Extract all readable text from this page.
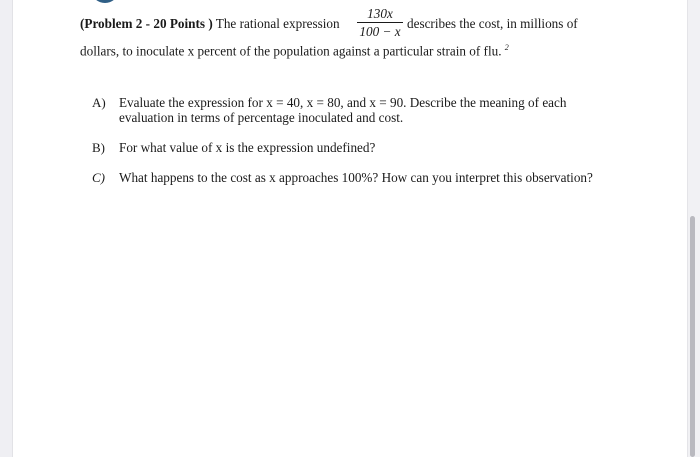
(Problem 2 - 20 Points ) The rational expression
130x
100 − x
describes the cost, in millions of
dollars, to inoculate x percent of the population against a particular strain of flu. $^2$
A) Evaluate the expression for x = 40, x = 80, and x = 90. Describe the meaning of each
evaluation in terms of percentage inoculated and cost.
B) For what value of x is the expression undefined?
C) What happens to the cost as x approaches 100%? How can you interpret this observation?
